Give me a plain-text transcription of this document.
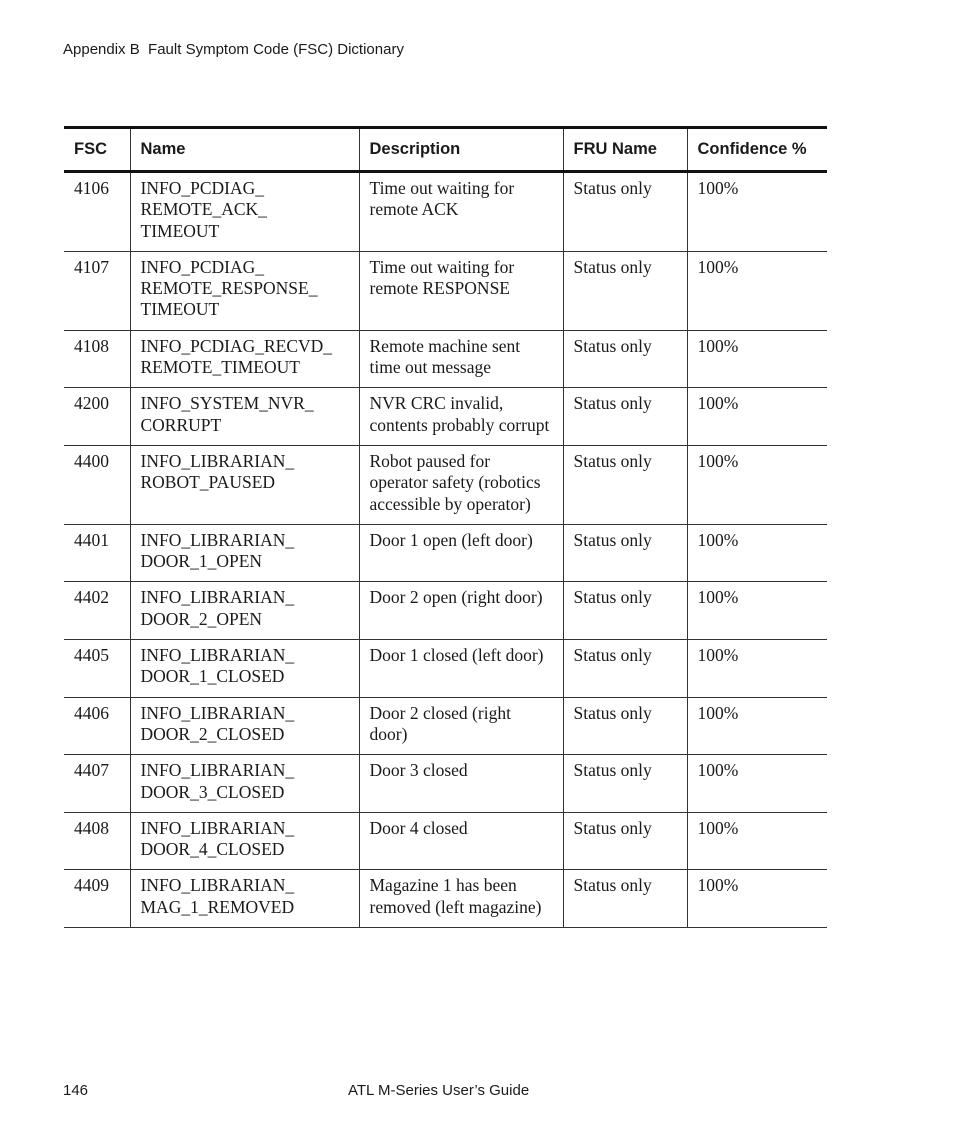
Appendix B  Fault Symptom Code (FSC) Dictionary
FSC	Name	Description	FRU Name	Confidence %
4106	INFO_PCDIAG_
REMOTE_ACK_
TIMEOUT	Time out waiting for remote ACK	Status only	100%
4107	INFO_PCDIAG_
REMOTE_RESPONSE_
TIMEOUT	Time out waiting for remote RESPONSE	Status only	100%
4108	INFO_PCDIAG_RECVD_
REMOTE_TIMEOUT	Remote machine sent time out message	Status only	100%
4200	INFO_SYSTEM_NVR_
CORRUPT	NVR CRC invalid, contents probably corrupt	Status only	100%
4400	INFO_LIBRARIAN_
ROBOT_PAUSED	Robot paused for operator safety (robotics accessible by operator)	Status only	100%
4401	INFO_LIBRARIAN_
DOOR_1_OPEN	Door 1 open (left door)	Status only	100%
4402	INFO_LIBRARIAN_
DOOR_2_OPEN	Door 2 open (right door)	Status only	100%
4405	INFO_LIBRARIAN_
DOOR_1_CLOSED	Door 1 closed (left door)	Status only	100%
4406	INFO_LIBRARIAN_
DOOR_2_CLOSED	Door 2 closed (right door)	Status only	100%
4407	INFO_LIBRARIAN_
DOOR_3_CLOSED	Door 3 closed	Status only	100%
4408	INFO_LIBRARIAN_
DOOR_4_CLOSED	Door 4 closed	Status only	100%
4409	INFO_LIBRARIAN_
MAG_1_REMOVED	Magazine 1 has been removed (left magazine)	Status only	100%
146	ATL M-Series User’s Guide
